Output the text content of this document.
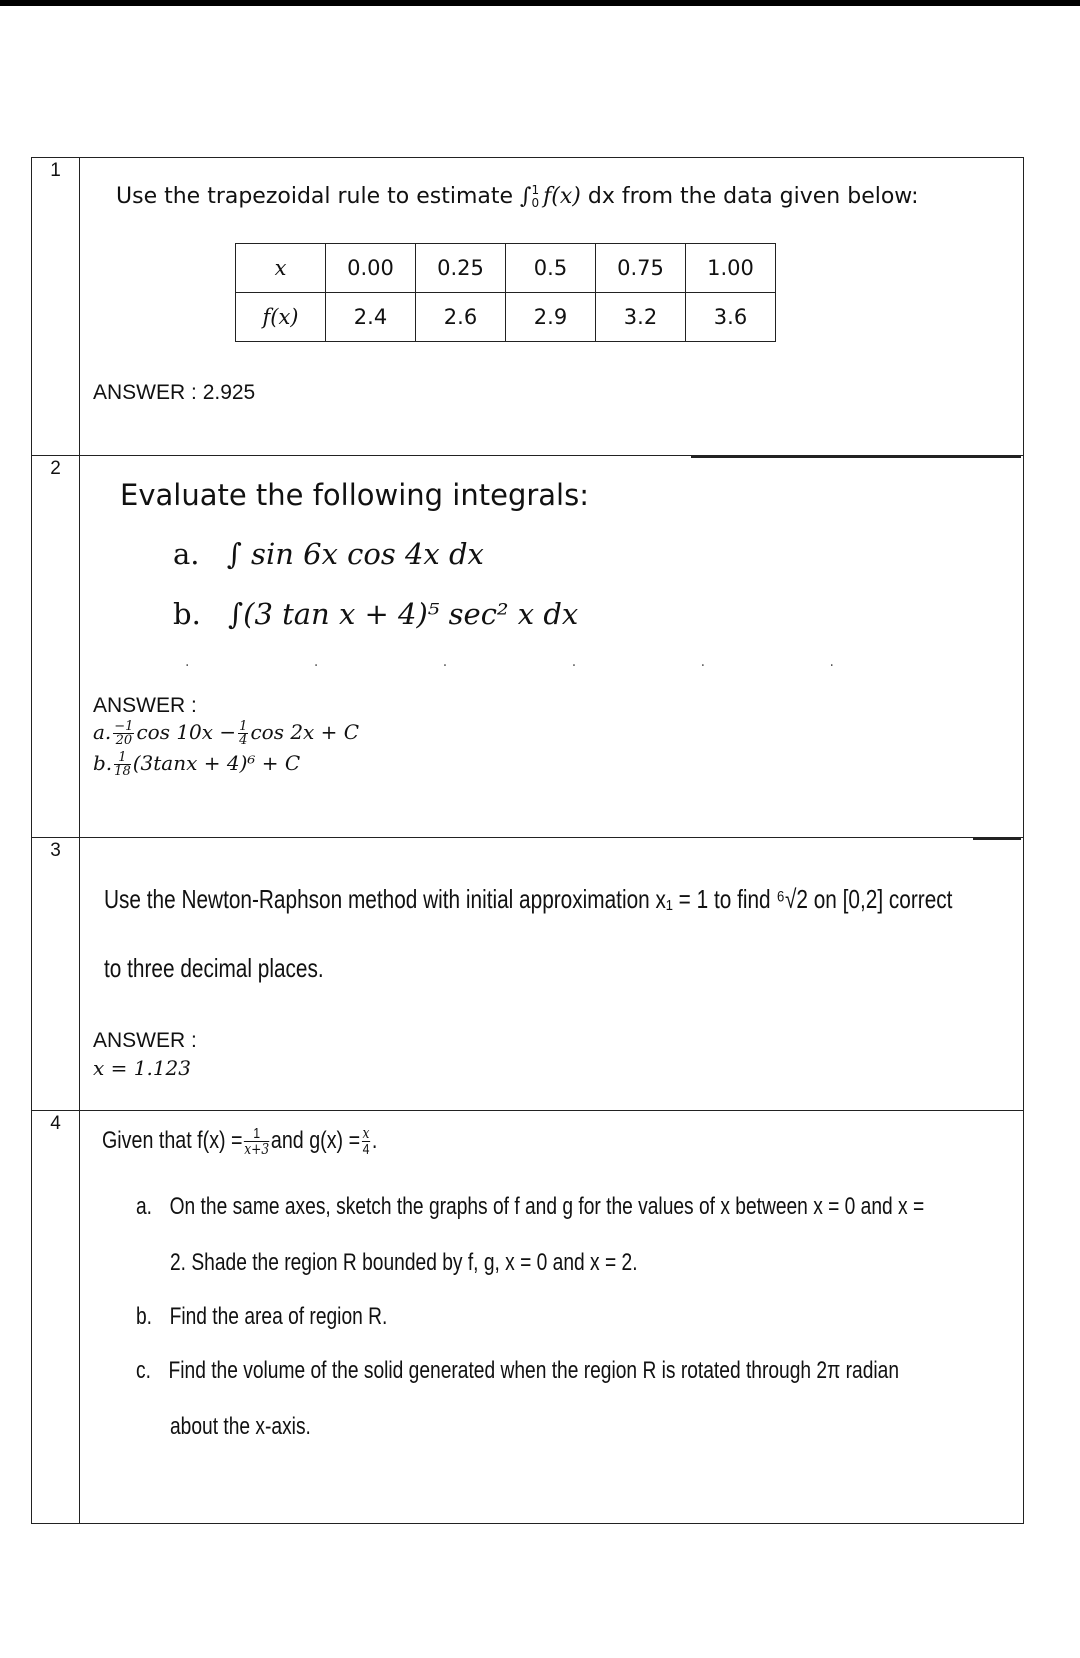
1
Use the trapezoidal rule to estimate ∫ 1
0 f(x) dx from the data given below:
x	0.00	0.25	0.5	0.75	1.00
f(x)	2.4	2.6	2.9	3.2	3.6
ANSWER : 2.925
2
Evaluate the following integrals:
a. ∫ sin 6x cos 4x dx
b. ∫(3 tan x + 4)⁵ sec² x dx
· · · · · ·
ANSWER :
a. $\frac{-1}{20}$ $\cos 10x - \frac{1}{4}$ cos 2x + C
b. $\frac{1}{18} (3\tan x + 4)^6 + C$
3
Use the Newton-Raphson method with initial approximation x₁ = 1 to find ⁶√2 on [0,2] correct
to three decimal places.
ANSWER :
x = 1.123
4
Given that $f(x) = \frac{1}{x+3}$ and $g(x) = \frac{x}{4}$ .
a. On the same axes, sketch the graphs of f and g for the values of x between x = 0 and x =
2. Shade the region R bounded by f, g, x = 0 and x = 2.
b. Find the area of region R.
c. Find the volume of the solid generated when the region R is rotated through 2π radian
about the x-axis.
